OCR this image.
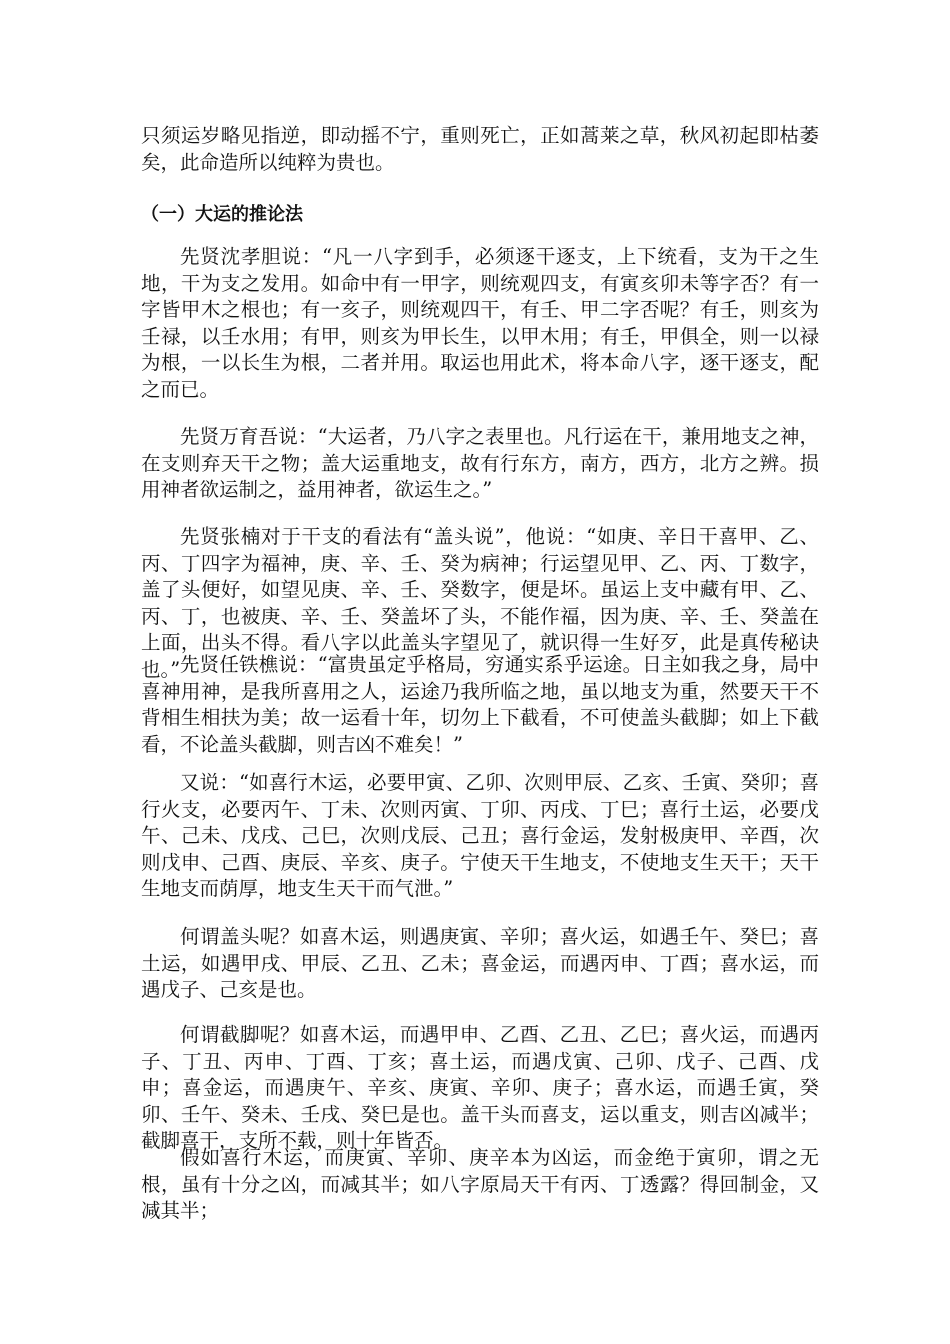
只须运岁略见指逆，即动摇不宁，重则死亡，正如蒿莱之草，秋风初起即枯萎矣，此命造所以纯粹为贵也。

（一）大运的推论法

先贤沈孝胆说：“凡一八字到手，必须逐干逐支，上下统看，支为干之生地，干为支之发用。如命中有一甲字，则统观四支，有寅亥卯未等字否？有一字皆甲木之根也；有一亥子，则统观四干，有壬、甲二字否呢？有壬，则亥为壬禄，以壬水用；有甲，则亥为甲长生，以甲木用；有壬，甲俱全，则一以禄为根，一以长生为根，二者并用。取运也用此术，将本命八字，逐干逐支，配之而已。

先贤万育吾说：“大运者，乃八字之表里也。凡行运在干，兼用地支之神，在支则弃天干之物；盖大运重地支，故有行东方，南方，西方，北方之辨。损用神者欲运制之，益用神者，欲运生之。”

先贤张楠对于干支的看法有“盖头说”，他说：“如庚、辛日干喜甲、乙、丙、丁四字为福神，庚、辛、壬、癸为病神；行运望见甲、乙、丙、丁数字，盖了头便好，如望见庚、辛、壬、癸数字，便是坏。虽运上支中藏有甲、乙、丙、丁，也被庚、辛、壬、癸盖坏了头，不能作福，因为庚、辛、壬、癸盖在上面，出头不得。看八字以此盖头字望见了，就识得一生好歹，此是真传秘诀也。” 先贤任铁樵说：“富贵虽定乎格局，穷通实系乎运途。日主如我之身，局中喜神用神，是我所喜用之人，运途乃我所临之地，虽以地支为重，然要天干不背相生相扶为美；故一运看十年，切勿上下截看，不可使盖头截脚；如上下截看，不论盖头截脚，则吉凶不难矣！”

又说：“如喜行木运，必要甲寅、乙卯、次则甲辰、乙亥、壬寅、癸卯；喜行火支，必要丙午、丁未、次则丙寅、丁卯、丙戌、丁巳；喜行土运，必要戊午、己未、戊戌、己巳，次则戊辰、己丑；喜行金运，发射极庚甲、辛酉，次则戊申、己酉、庚辰、辛亥、庚子。宁使天干生地支，不使地支生天干；天干生地支而荫厚，地支生天干而气泄。”

何谓盖头呢？如喜木运，则遇庚寅、辛卯；喜火运，如遇壬午、癸巳；喜土运，如遇甲戌、甲辰、乙丑、乙未；喜金运，而遇丙申、丁酉；喜水运，而遇戊子、己亥是也。

何谓截脚呢？如喜木运，而遇甲申、乙酉、乙丑、乙巳；喜火运，而遇丙子、丁丑、丙申、丁酉、丁亥；喜土运，而遇戊寅、己卯、戊子、己酉、戊申；喜金运，而遇庚午、辛亥、庚寅、辛卯、庚子；喜水运，而遇壬寅，癸卯、壬午、癸未、壬戌、癸巳是也。盖干头而喜支，运以重支，则吉凶减半；截脚喜干，支所不载，则十年皆否。

假如喜行木运，而庚寅、辛卯、庚辛本为凶运，而金绝于寅卯，谓之无根，虽有十分之凶，而减其半；如八字原局天干有丙、丁透露？得回制金，又减其半；
